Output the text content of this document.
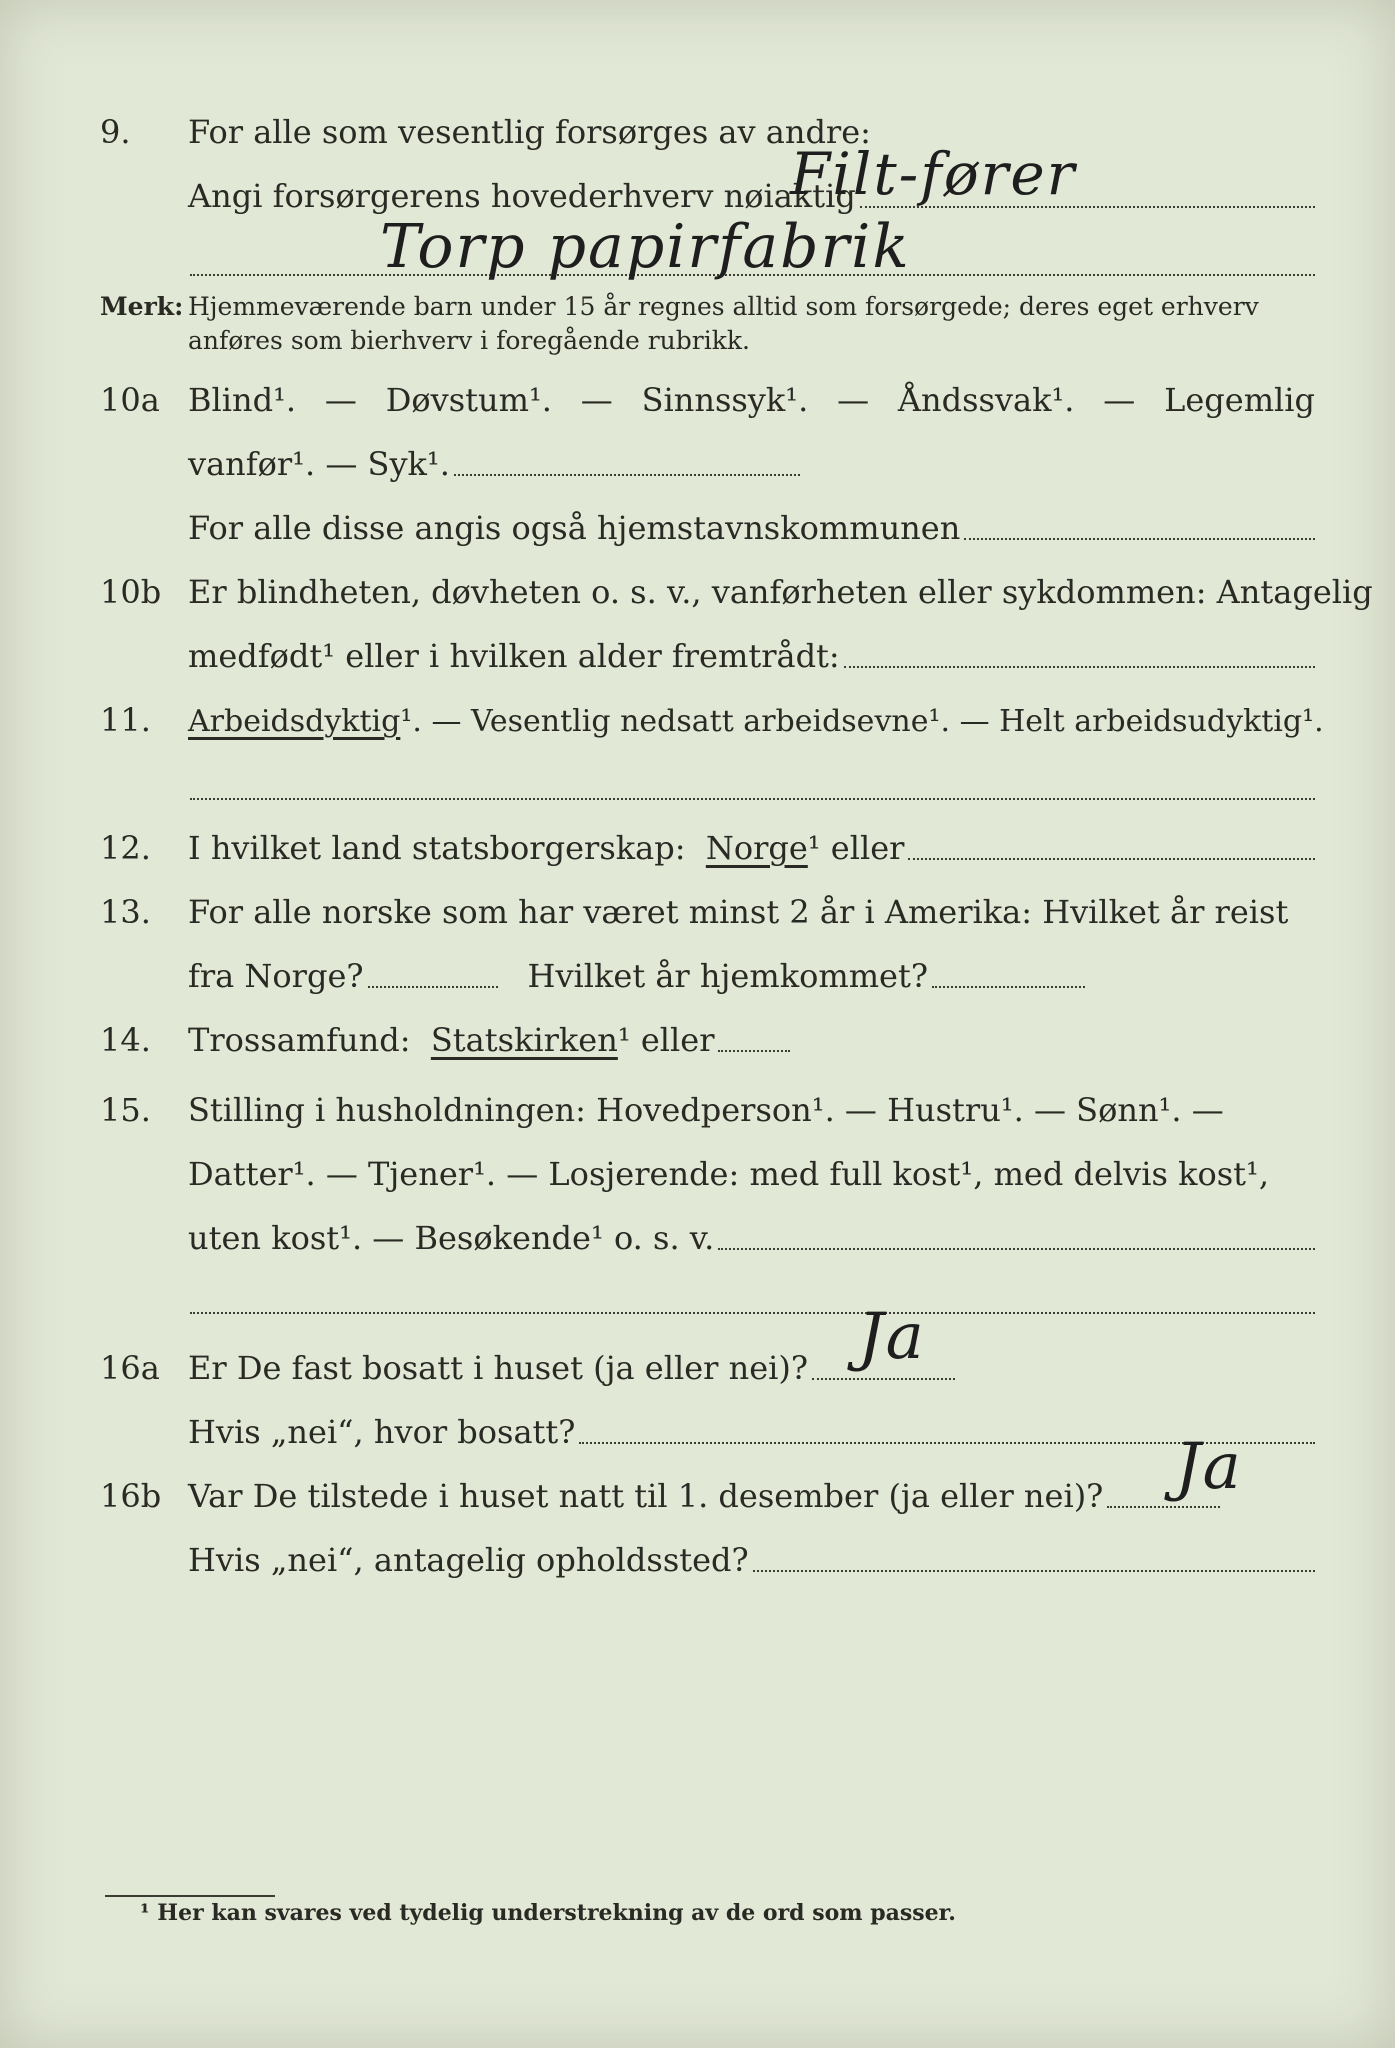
9.	For alle som vesentlig forsørges av andre:
Angi forsørgerens hovederhverv nøiaktig
Filt-fører
Torp papirfabrik
Merk: Hjemmeværende barn under 15 år regnes alltid som forsørgede; deres eget erhverv
anføres som bierhverv i foregående rubrikk.
10a Blind¹. — Døvstum¹. — Sinnssyk¹. — Åndssvak¹. — Legemlig
vanfør¹. — Syk¹.
For alle disse angis også hjemstavnskommunen
10b Er blindheten, døvheten o. s. v., vanførheten eller sykdommen: Antagelig
medfødt¹ eller i hvilken alder fremtrådt:
11.	Arbeidsdyktig¹. — Vesentlig nedsatt arbeidsevne¹. — Helt arbeidsudyktig¹.
12.	I hvilket land statsborgerskap: Norge¹ eller
13.	For alle norske som har været minst 2 år i Amerika: Hvilket år reist
fra Norge?	Hvilket år hjemkommet?
14.	Trossamfund: Statskirken¹ eller
15.	Stilling i husholdningen: Hovedperson¹. — Hustru¹. — Sønn¹. —
Datter¹. — Tjener¹. — Losjerende: med full kost¹, med delvis kost¹,
uten kost¹. — Besøkende¹ o. s. v.
16a Er De fast bosatt i huset (ja eller nei)? Ja
Hvis „nei“, hvor bosatt?
16b Var De tilstede i huset natt til 1. desember (ja eller nei)? Ja
Hvis „nei“, antagelig opholdssted?
¹ Her kan svares ved tydelig understrekning av de ord som passer.
